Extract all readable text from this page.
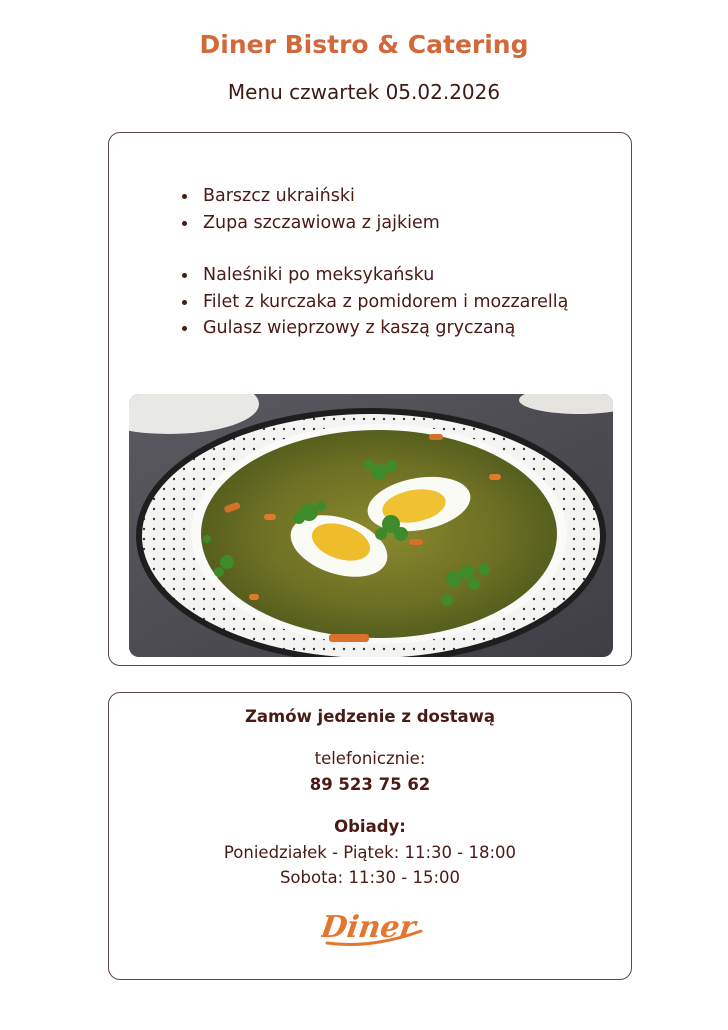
Diner Bistro & Catering
Menu czwartek 05.02.2026
Barszcz ukraiński
Zupa szczawiowa z jajkiem
Naleśniki po meksykańsku
Filet z kurczaka z pomidorem i mozzarellą
Gulasz wieprzowy z kaszą gryczaną
Zamów jedzenie z dostawą
telefonicznie:
89 523 75 62
Obiady:
Poniedziałek - Piątek: 11:30 - 18:00
Sobota: 11:30 - 15:00
Diner
